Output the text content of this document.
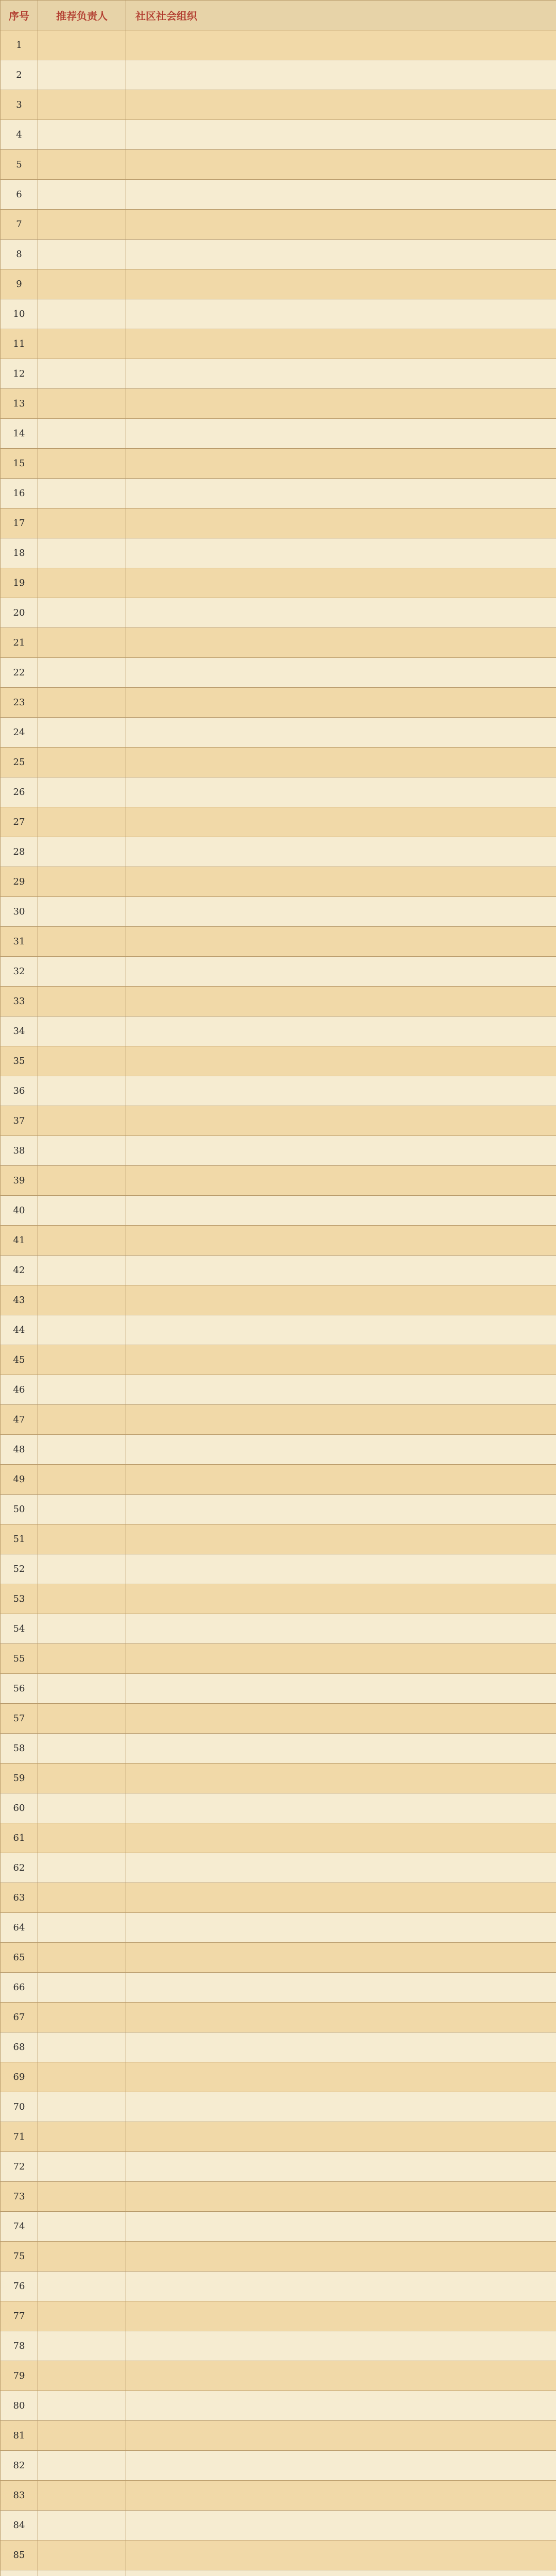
序号	推荐负责人	社区社会组织
1		
2		
3		
4		
5		
6		
7		
8		
9		
10		
11		
12		
13		
14		
15		
16		
17		
18		
19		
20		
21		
22		
23		
24		
25		
26		
27		
28		
29		
30		
31		
32		
33		
34		
35		
36		
37		
38		
39		
40		
41		
42		
43		
44		
45		
46		
47		
48		
49		
50		
51		
52		
53		
54		
55		
56		
57		
58		
59		
60		
61		
62		
63		
64		
65		
66		
67		
68		
69		
70		
71		
72		
73		
74		
75		
76		
77		
78		
79		
80		
81		
82		
83		
84		
85		
